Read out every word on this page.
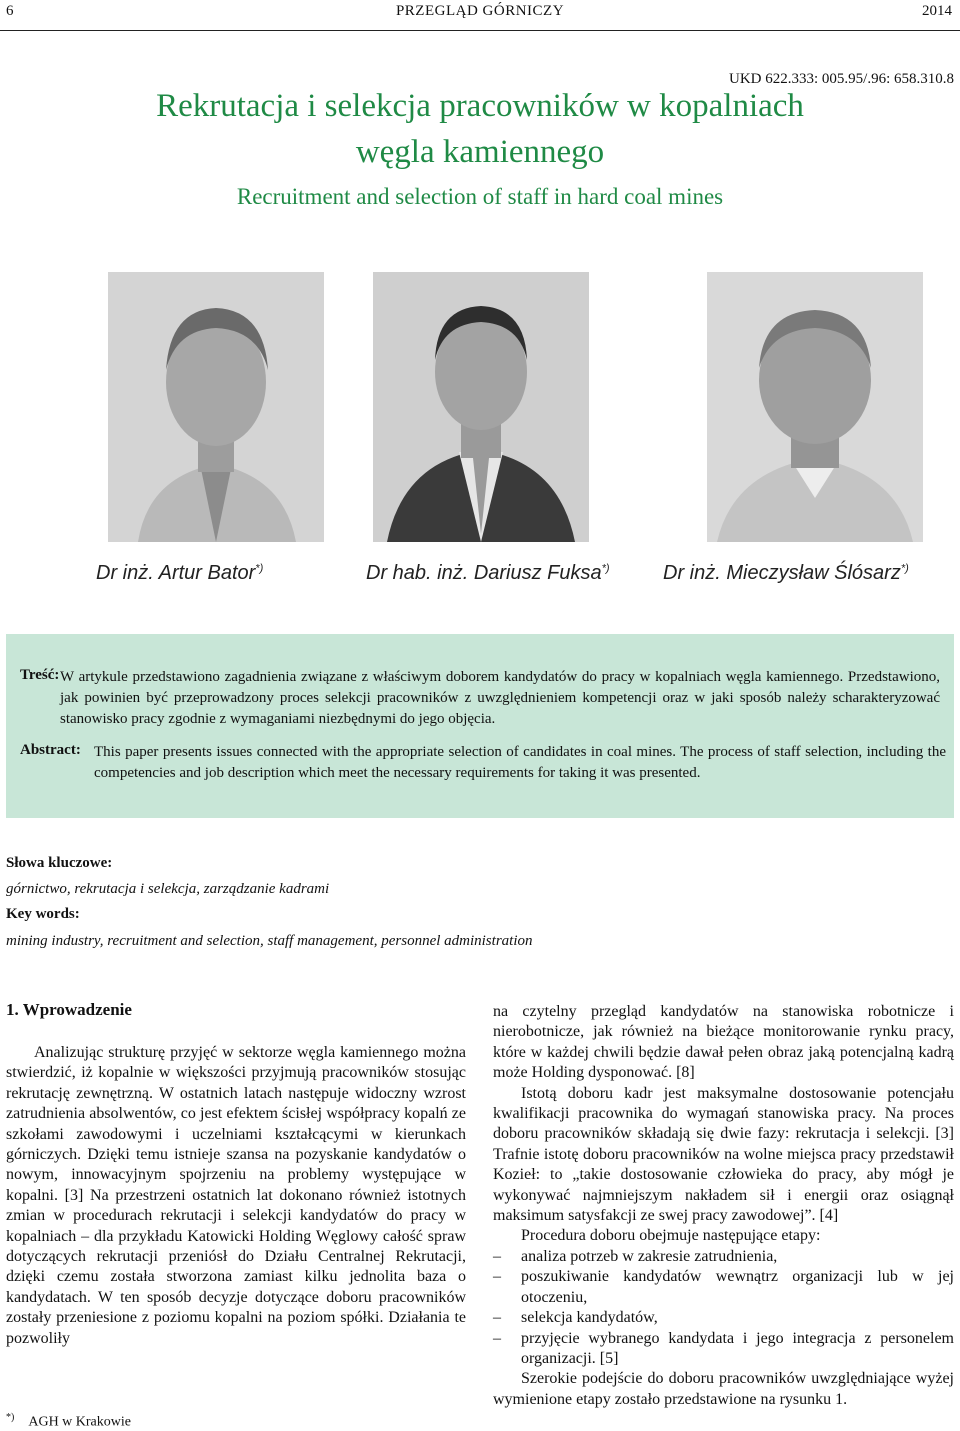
6	PRZEGLĄD GÓRNICZY	2014
UKD 622.333: 005.95/.96: 658.310.8
Rekrutacja i selekcja pracowników w kopalniach
węgla kamiennego
Recruitment and selection of staff in hard coal mines
Dr inż. Artur Bator*)	Dr hab. inż. Dariusz Fuksa*)	Dr inż. Mieczysław Ślósarz*)
Treść: W artykule przedstawiono zagadnienia związane z właściwym doborem kandydatów do pracy w kopalniach węgla kamiennego. Przedstawiono, jak powinien być przeprowadzony proces selekcji pracowników z uwzględnieniem kompetencji oraz w jaki sposób należy scharakteryzować stanowisko pracy zgodnie z wymaganiami niezbędnymi do jego objęcia.
Abstract: This paper presents issues connected with the appropriate selection of candidates in coal mines. The process of staff selection, including the competencies and job description which meet the necessary requirements for taking it was presented.
Słowa kluczowe:
górnictwo, rekrutacja i selekcja, zarządzanie kadrami
Key words:
mining industry, recruitment and selection, staff management, personnel administration
1. Wprowadzenie

Analizując strukturę przyjęć w sektorze węgla kamiennego można stwierdzić, iż kopalnie w większości przyjmują pracowników stosując rekrutację zewnętrzną. W ostatnich latach następuje widoczny wzrost zatrudnienia absolwentów, co jest efektem ścisłej współpracy kopalń ze szkołami zawodowymi i uczelniami kształcącymi w kierunkach górniczych. Dzięki temu istnieje szansa na pozyskanie kandydatów o nowym, innowacyjnym spojrzeniu na problemy występujące w kopalni. [3] Na przestrzeni ostatnich lat dokonano również istotnych zmian w procedurach rekrutacji i selekcji kandydatów do pracy w kopalniach – dla przykładu Katowicki Holding Węglowy całość spraw dotyczących rekrutacji przeniósł do Działu Centralnej Rekrutacji, dzięki czemu została stworzona zamiast kilku jednolita baza o kandydatach. W ten sposób decyzje dotyczące doboru pracowników zostały przeniesione z poziomu kopalni na poziom spółki. Działania te pozwoliły

na czytelny przegląd kandydatów na stanowiska robotnicze i nierobotnicze, jak również na bieżące monitorowanie rynku pracy, które w każdej chwili będzie dawał pełen obraz jaką potencjalną kadrą może Holding dysponować. [8]

Istotą doboru kadr jest maksymalne dostosowanie potencjału kwalifikacji pracownika do wymagań stanowiska pracy. Na proces doboru pracowników składają się dwie fazy: rekrutacja i selekcji. [3] Trafnie istotę doboru pracowników na wolne miejsca pracy przedstawił Kozieł: to „takie dostosowanie człowieka do pracy, aby mógł je wykonywać najmniejszym nakładem sił i energii oraz osiągnął maksimum satysfakcji ze swej pracy zawodowej”. [4]

Procedura doboru obejmuje następujące etapy:

– analiza potrzeb w zakresie zatrudnienia,
– poszukiwanie kandydatów wewnątrz organizacji lub w jej otoczeniu,
– selekcja kandydatów,
– przyjęcie wybranego kandydata i jego integracja z personelem organizacji. [5]

Szerokie podejście do doboru pracowników uwzględniające wyżej wymienione etapy zostało przedstawione na rysunku 1.

*) AGH w Krakowie
